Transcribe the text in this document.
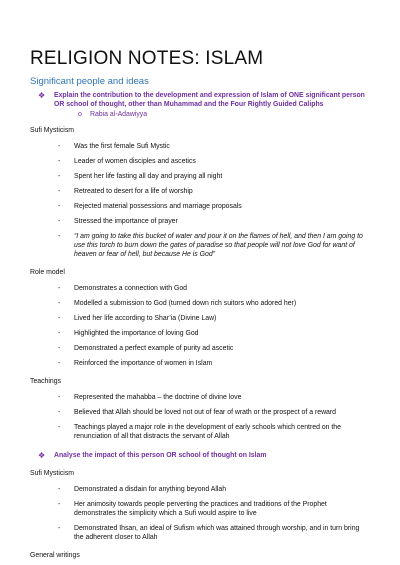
RELIGION NOTES: ISLAM
Significant people and ideas
❖ Explain the contribution to the development and expression of Islam of ONE significant person OR school of thought, other than Muhammad and the Four Rightly Guided Caliphs
o Rabia al-Adawiyya
Sufi Mysticism
- Was the first female Sufi Mystic
- Leader of women disciples and ascetics
- Spent her life fasting all day and praying all night
- Retreated to desert for a life of worship
- Rejected material possessions and marriage proposals
- Stressed the importance of prayer
- “I am going to take this bucket of water and pour it on the flames of hell, and then I am going to use this torch to burn down the gates of paradise so that people will not love God for want of heaven or fear of hell, but because He is God”
Role model
- Demonstrates a connection with God
- Modelled a submission to God (turned down rich suitors who adored her)
- Lived her life according to Shar’ia (Divine Law)
- Highlighted the importance of loving God
- Demonstrated a perfect example of purity ad ascetic
- Reinforced the importance of women in Islam
Teachings
- Represented the mahabba – the doctrine of divine love
- Believed that Allah should be loved not out of fear of wrath or the prospect of a reward
- Teachings played a major role in the development of early schools which centred on the renunciation of all that distracts the servant of Allah
❖ Analyse the impact of this person OR school of thought on Islam
Sufi Mysticism
- Demonstrated a disdain for anything beyond Allah
- Her animosity towards people perverting the practices and traditions of the Prophet demonstrates the simplicity which a Sufi would aspire to live
- Demonstrated Ihsan, an ideal of Sufism which was attained through worship, and in turn bring the adherent closer to Allah
General writings
